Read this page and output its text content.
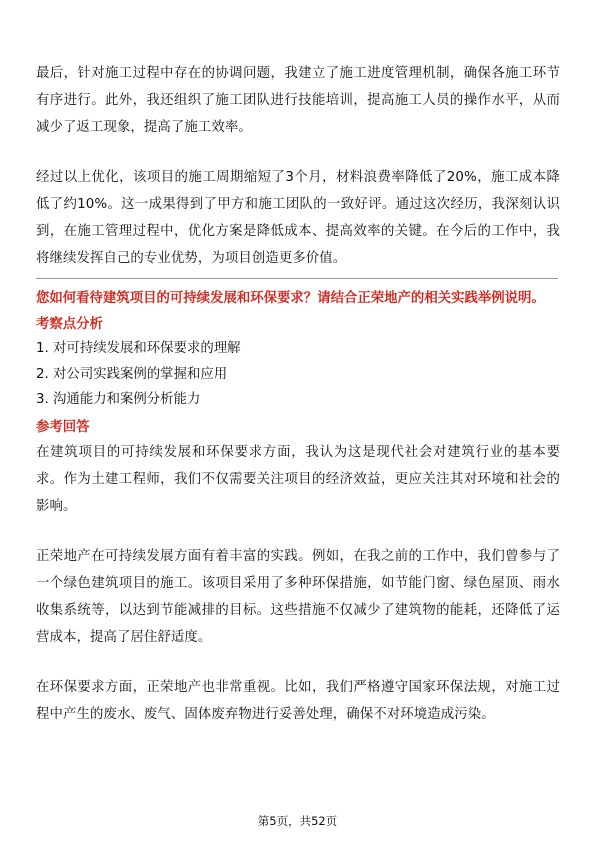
最后，针对施工过程中存在的协调问题，我建立了施工进度管理机制，确保各施工环节有序进行。此外，我还组织了施工团队进行技能培训，提高施工人员的操作水平，从而减少了返工现象，提高了施工效率。

经过以上优化，该项目的施工周期缩短了3个月，材料浪费率降低了20%，施工成本降低了约10%。这一成果得到了甲方和施工团队的一致好评。通过这次经历，我深刻认识到，在施工管理过程中，优化方案是降低成本、提高效率的关键。在今后的工作中，我将继续发挥自己的专业优势，为项目创造更多价值。

您如何看待建筑项目的可持续发展和环保要求？请结合正荣地产的相关实践举例说明。

考察点分析

1. 对可持续发展和环保要求的理解

2. 对公司实践案例的掌握和应用

3. 沟通能力和案例分析能力

参考回答

在建筑项目的可持续发展和环保要求方面，我认为这是现代社会对建筑行业的基本要求。作为土建工程师，我们不仅需要关注项目的经济效益，更应关注其对环境和社会的影响。

正荣地产在可持续发展方面有着丰富的实践。例如，在我之前的工作中，我们曾参与了一个绿色建筑项目的施工。该项目采用了多种环保措施，如节能门窗、绿色屋顶、雨水收集系统等，以达到节能减排的目标。这些措施不仅减少了建筑物的能耗，还降低了运营成本，提高了居住舒适度。

在环保要求方面，正荣地产也非常重视。比如，我们严格遵守国家环保法规，对施工过程中产生的废水、废气、固体废弃物进行妥善处理，确保不对环境造成污染。

第5页，共52页
